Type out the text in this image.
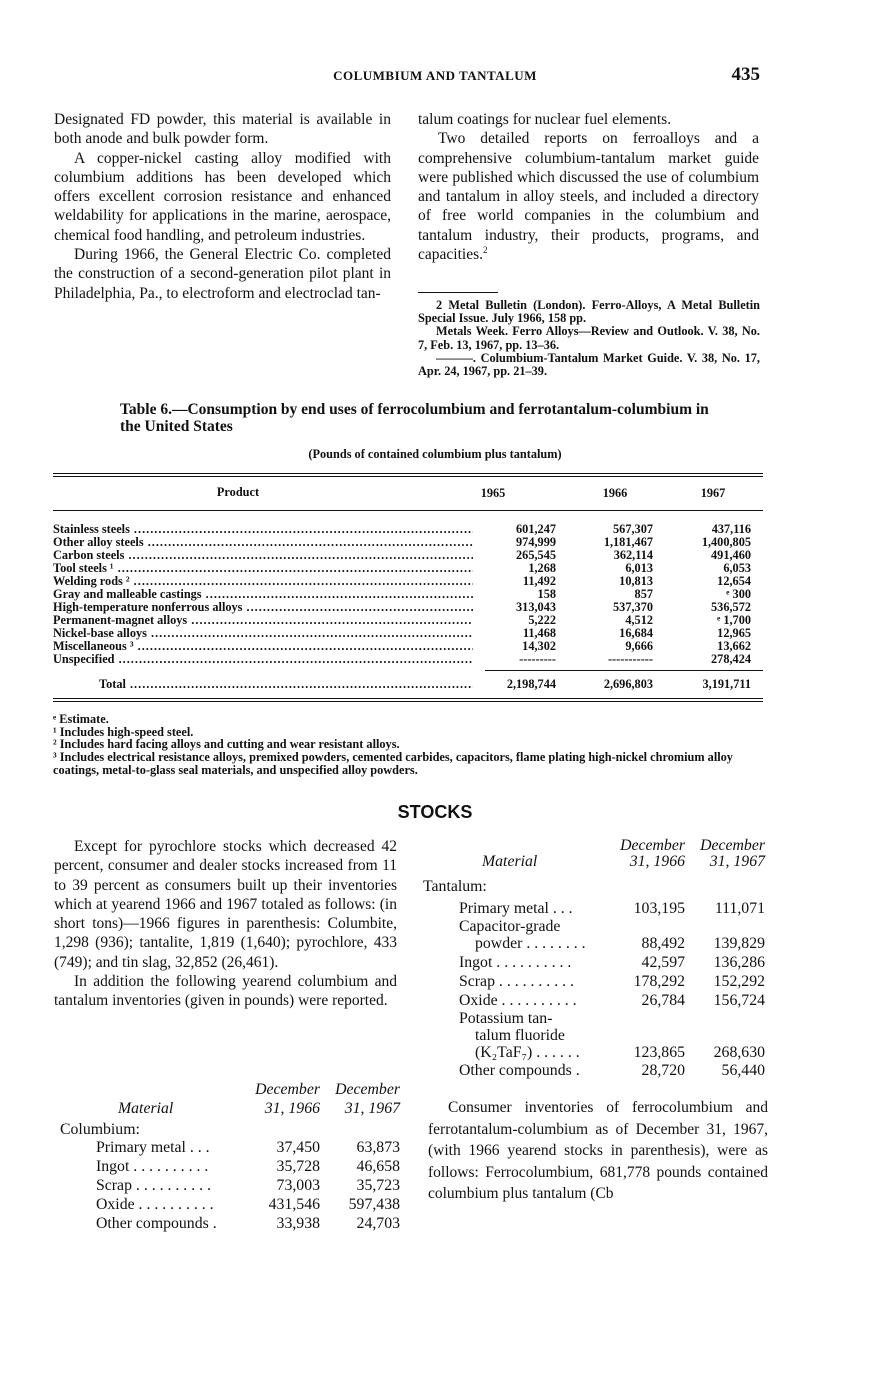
COLUMBIUM AND TANTALUM	435

Designated FD powder, this material is available in both anode and bulk powder form.

A copper-nickel casting alloy modified with columbium additions has been developed which offers excellent corrosion resistance and enhanced weldability for applications in the marine, aerospace, chemical food handling, and petroleum industries.

During 1966, the General Electric Co. completed the construction of a second-generation pilot plant in Philadelphia, Pa., to electroform and electroclad tan-

talum coatings for nuclear fuel elements.

Two detailed reports on ferroalloys and a comprehensive columbium-tantalum market guide were published which discussed the use of columbium and tantalum in alloy steels, and included a directory of free world companies in the columbium and tantalum industry, their products, programs, and capacities.$^2$

2 Metal Bulletin (London). Ferro-Alloys, A Metal Bulletin Special Issue. July 1966, 158 pp.

Metals Week. Ferro Alloys—Review and Outlook. V. 38, No. 7, Feb. 13, 1967, pp. 13–36.

———. Columbium-Tantalum Market Guide. V. 38, No. 17, Apr. 24, 1967, pp. 21–39.

Table 6.—Consumption by end uses of ferrocolumbium and ferrotantalum-columbium in the United States
(Pounds of contained columbium plus tantalum)
Product	1965	1966	1967
Stainless steels .....	601,247	567,307	437,116
Other alloy steels .....	974,999	1,181,467	1,400,805
Carbon steels .....	265,545	362,114	491,460
Tool steels ¹ .....	1,268	6,013	6,053
Welding rods ² .....	11,492	10,813	12,654
Gray and malleable castings .....	158	857	ᵉ 300
High-temperature nonferrous alloys .....	313,043	537,370	536,572
Permanent-magnet alloys .....	5,222	4,512	ᵉ 1,700
Nickel-base alloys .....	11,468	16,684	12,965
Miscellaneous ³ .....	14,302	9,666	13,662
Unspecified .....	---------	-----------	278,424
Total .....	2,198,744	2,696,803	3,191,711

ᵉ Estimate.

¹ Includes high-speed steel.

² Includes hard facing alloys and cutting and wear resistant alloys.

³ Includes electrical resistance alloys, premixed powders, cemented carbides, capacitors, flame plating high-nickel chromium alloy coatings, metal-to-glass seal materials, and unspecified alloy powders.

STOCKS

Except for pyrochlore stocks which decreased 42 percent, consumer and dealer stocks increased from 11 to 39 percent as consumers built up their inventories which at yearend 1966 and 1967 totaled as follows: (in short tons)—1966 figures in parenthesis: Columbite, 1,298 (936); tantalite, 1,819 (1,640); pyrochlore, 433 (749); and tin slag, 32,852 (26,461).

In addition the following yearend columbium and tantalum inventories (given in pounds) were reported.

December December
Material	31, 1966	31, 1967
Columbium:
Primary metal . . .	37,450	63,873
Ingot . . . . . . . . . .	35,728	46,658
Scrap . . . . . . . . . .	73,003	35,723
Oxide . . . . . . . . . .	431,546	597,438
Other compounds .	33,938	24,703
December December
Material	31, 1966	31, 1967
Tantalum:
Primary metal . . .	103,195	111,071
Capacitor-grade
powder . . . . . . . .	88,492	139,829
Ingot . . . . . . . . . .	42,597	136,286
Scrap . . . . . . . . . .	178,292	152,292
Oxide . . . . . . . . . .	26,784	156,724
Potassium tan-
talum fluoride
(K₂TaF₇) . . . . . .	123,865	268,630
Other compounds .	28,720	56,440

Consumer inventories of ferrocolumbium and ferrotantalum-columbium as of December 31, 1967, (with 1966 yearend stocks in parenthesis), were as follows: Ferrocolumbium, 681,778 pounds contained columbium plus tantalum (Cb
